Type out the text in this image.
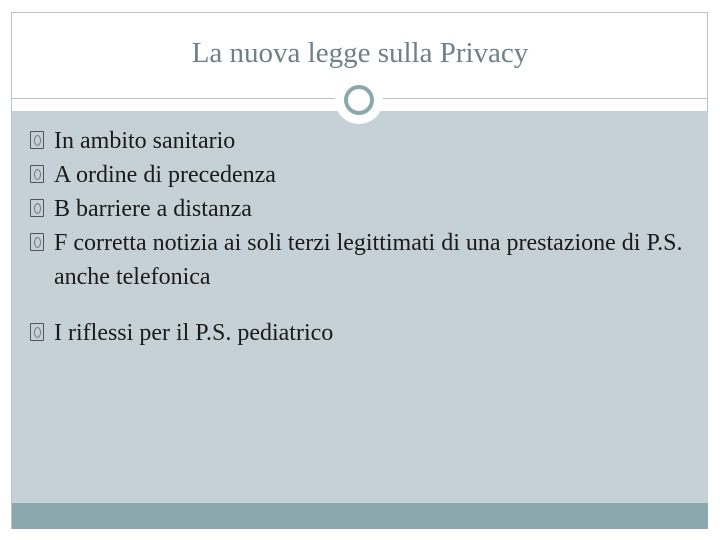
La nuova legge sulla Privacy
In ambito sanitario
A ordine di precedenza
B barriere a distanza
F corretta notizia ai soli terzi legittimati di una prestazione di P.S. anche telefonica
I riflessi per il P.S. pediatrico
